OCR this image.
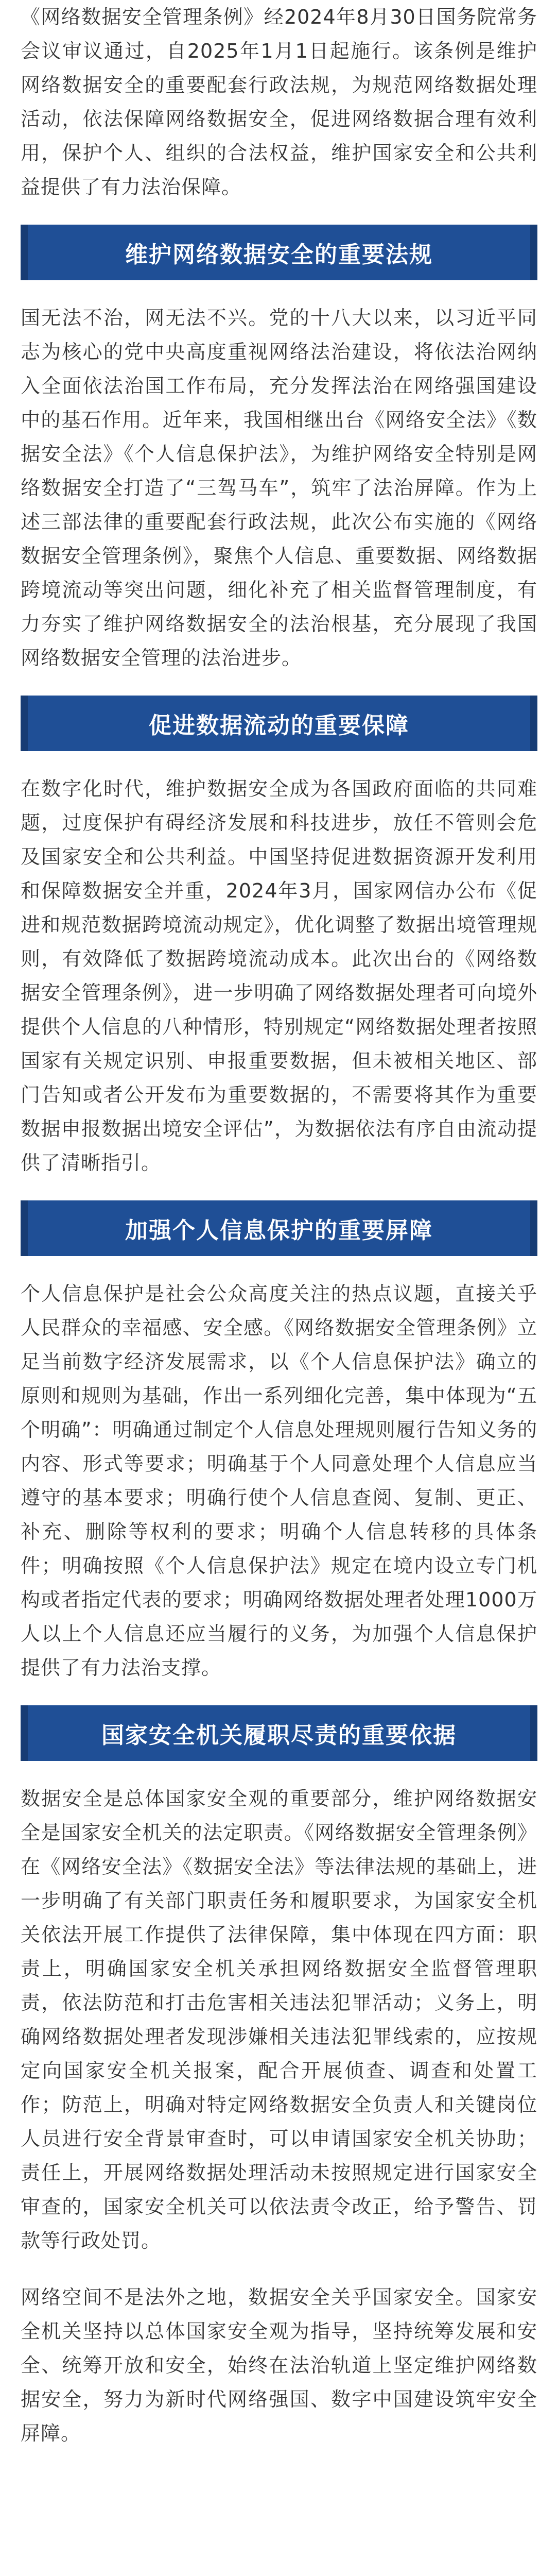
《网络数据安全管理条例》经2024年8月30日国务院常务会议审议通过，自2025年1月1日起施行。该条例是维护网络数据安全的重要配套行政法规，为规范网络数据处理活动，依法保障网络数据安全，促进网络数据合理有效利用，保护个人、组织的合法权益，维护国家安全和公共利益提供了有力法治保障。

维护网络数据安全的重要法规

国无法不治，网无法不兴。党的十八大以来，以习近平同志为核心的党中央高度重视网络法治建设，将依法治网纳入全面依法治国工作布局，充分发挥法治在网络强国建设中的基石作用。近年来，我国相继出台《网络安全法》《数据安全法》《个人信息保护法》，为维护网络安全特别是网络数据安全打造了“三驾马车”，筑牢了法治屏障。作为上述三部法律的重要配套行政法规，此次公布实施的《网络数据安全管理条例》，聚焦个人信息、重要数据、网络数据跨境流动等突出问题，细化补充了相关监督管理制度，有力夯实了维护网络数据安全的法治根基，充分展现了我国网络数据安全管理的法治进步。

促进数据流动的重要保障

在数字化时代，维护数据安全成为各国政府面临的共同难题，过度保护有碍经济发展和科技进步，放任不管则会危及国家安全和公共利益。中国坚持促进数据资源开发利用和保障数据安全并重，2024年3月，国家网信办公布《促进和规范数据跨境流动规定》，优化调整了数据出境管理规则，有效降低了数据跨境流动成本。此次出台的《网络数据安全管理条例》，进一步明确了网络数据处理者可向境外提供个人信息的八种情形，特别规定“网络数据处理者按照国家有关规定识别、申报重要数据，但未被相关地区、部门告知或者公开发布为重要数据的，不需要将其作为重要数据申报数据出境安全评估”，为数据依法有序自由流动提供了清晰指引。

加强个人信息保护的重要屏障

个人信息保护是社会公众高度关注的热点议题，直接关乎人民群众的幸福感、安全感。《网络数据安全管理条例》立足当前数字经济发展需求，以《个人信息保护法》确立的原则和规则为基础，作出一系列细化完善，集中体现为“五个明确”：明确通过制定个人信息处理规则履行告知义务的内容、形式等要求；明确基于个人同意处理个人信息应当遵守的基本要求；明确行使个人信息查阅、复制、更正、补充、删除等权利的要求；明确个人信息转移的具体条件；明确按照《个人信息保护法》规定在境内设立专门机构或者指定代表的要求；明确网络数据处理者处理1000万人以上个人信息还应当履行的义务，为加强个人信息保护提供了有力法治支撑。

国家安全机关履职尽责的重要依据

数据安全是总体国家安全观的重要部分，维护网络数据安全是国家安全机关的法定职责。《网络数据安全管理条例》在《网络安全法》《数据安全法》等法律法规的基础上，进一步明确了有关部门职责任务和履职要求，为国家安全机关依法开展工作提供了法律保障，集中体现在四方面：职责上，明确国家安全机关承担网络数据安全监督管理职责，依法防范和打击危害相关违法犯罪活动；义务上，明确网络数据处理者发现涉嫌相关违法犯罪线索的，应按规定向国家安全机关报案，配合开展侦查、调查和处置工作；防范上，明确对特定网络数据安全负责人和关键岗位人员进行安全背景审查时，可以申请国家安全机关协助；责任上，开展网络数据处理活动未按照规定进行国家安全审查的，国家安全机关可以依法责令改正，给予警告、罚款等行政处罚。

网络空间不是法外之地，数据安全关乎国家安全。国家安全机关坚持以总体国家安全观为指导，坚持统筹发展和安全、统筹开放和安全，始终在法治轨道上坚定维护网络数据安全，努力为新时代网络强国、数字中国建设筑牢安全屏障。
